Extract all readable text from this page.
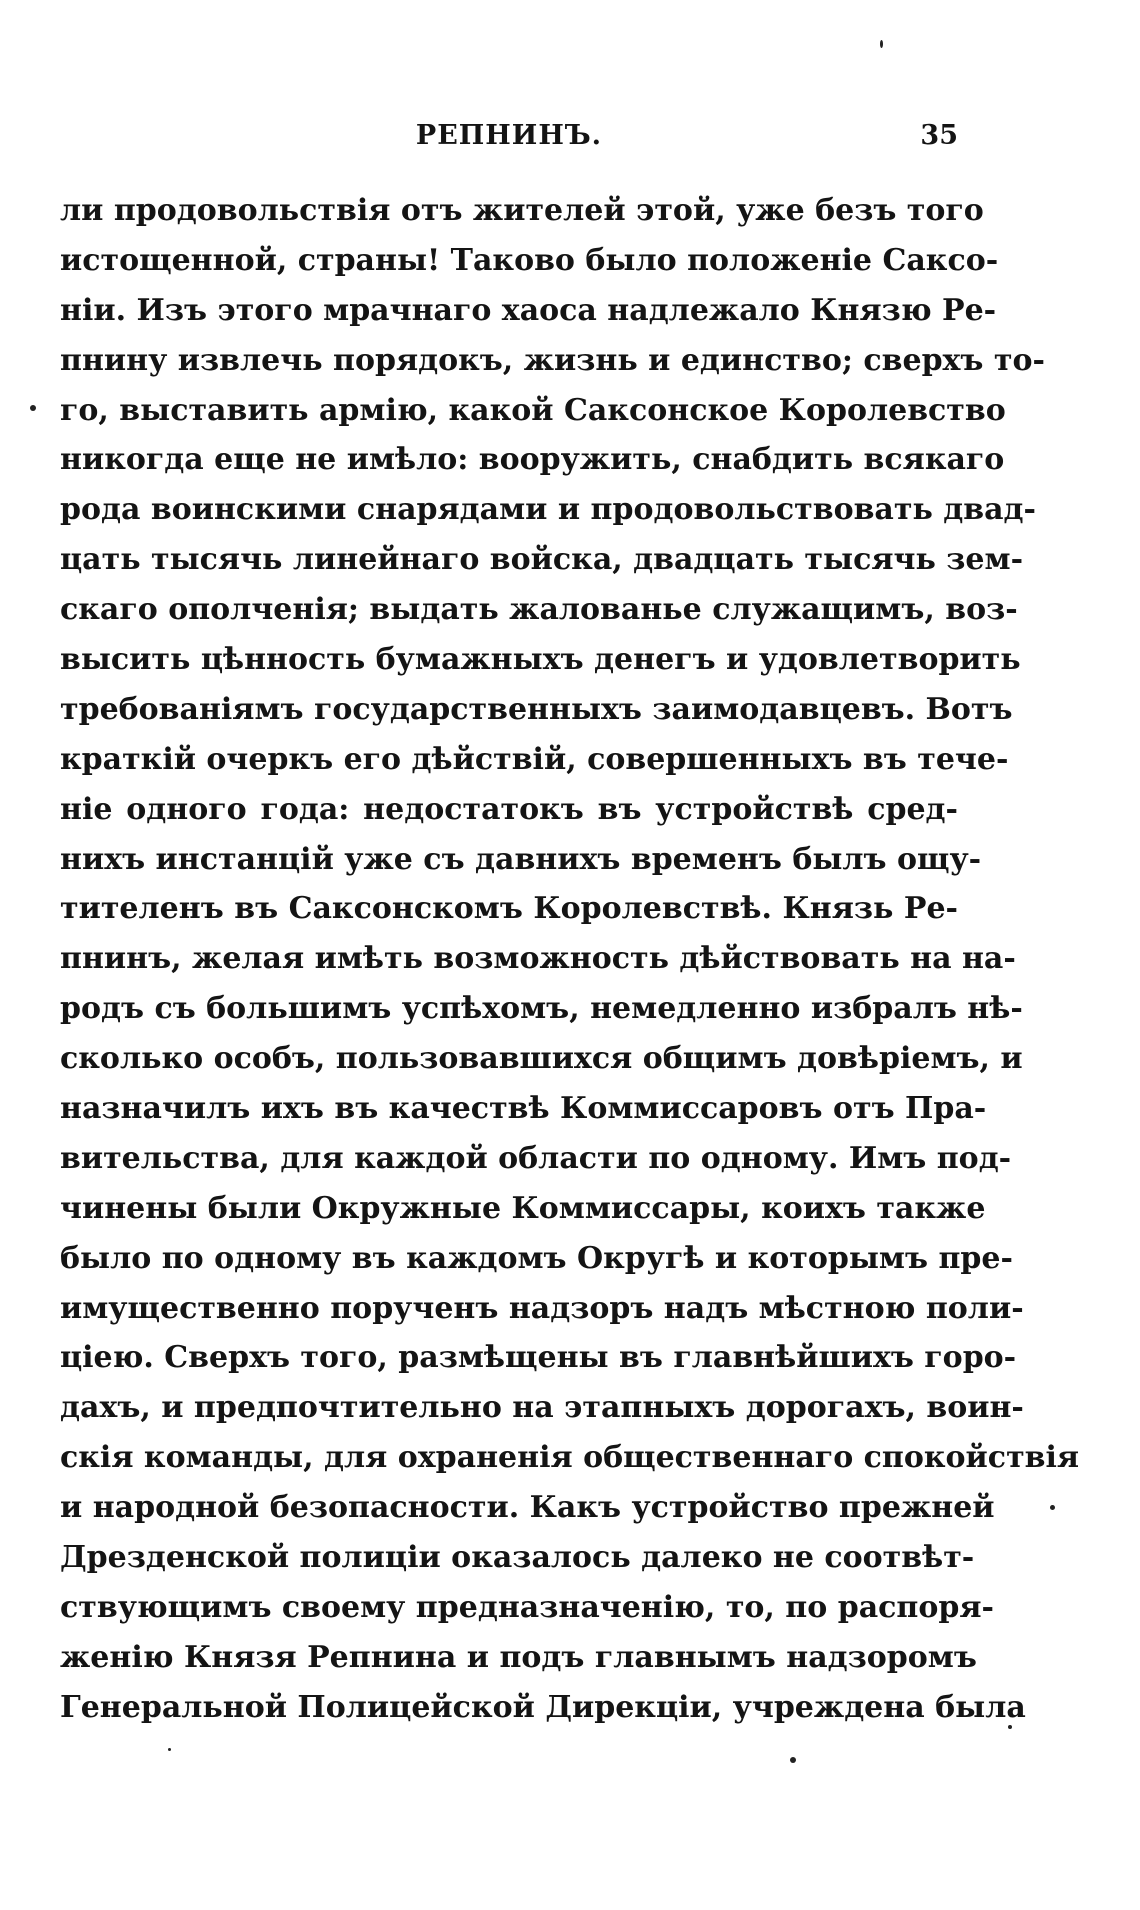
РЕПНИНЪ.	35
ли продовольствія отъ жителей этой, уже безъ того
истощенной, страны! Таково было положеніе Саксо-
ніи. Изъ этого мрачнаго хаоса надлежало Князю Ре-
пнину извлечь порядокъ, жизнь и единство; сверхъ то-
го, выставить армію, какой Саксонское Королевство
никогда еще не имѣло: вооружить, снабдить всякаго
рода воинскими снарядами и продовольствовать двад-
цать тысячь линейнаго войска, двадцать тысячь зем-
скаго ополченія; выдать жалованье служащимъ, воз-
высить цѣнность бумажныхъ денегъ и удовлетворить
требованіямъ государственныхъ заимодавцевъ. Вотъ
краткій очеркъ его дѣйствій, совершенныхъ въ тече-
ніе одного года: недостатокъ въ устройствѣ сред-
нихъ инстанцій уже съ давнихъ временъ былъ ощу-
тителенъ въ Саксонскомъ Королевствѣ. Князь Ре-
пнинъ, желая имѣть возможность дѣйствовать на на-
родъ съ большимъ успѣхомъ, немедленно избралъ нѣ-
сколько особъ, пользовавшихся общимъ довѣріемъ, и
назначилъ ихъ въ качествѣ Коммиссаровъ отъ Пра-
вительства, для каждой области по одному. Имъ под-
чинены были Окружные Коммиссары, коихъ также
было по одному въ каждомъ Округѣ и которымъ пре-
имущественно порученъ надзоръ надъ мѣстною поли-
ціею. Сверхъ того, размѣщены въ главнѣйшихъ горо-
дахъ, и предпочтительно на этапныхъ дорогахъ, воин-
скія команды, для охраненія общественнаго спокойствія
и народной безопасности. Какъ устройство прежней
Дрезденской полиціи оказалось далеко не соотвѣт-
ствующимъ своему предназначенію, то, по распоря-
женію Князя Репнина и подъ главнымъ надзоромъ
Генеральной Полицейской Дирекціи, учреждена была
